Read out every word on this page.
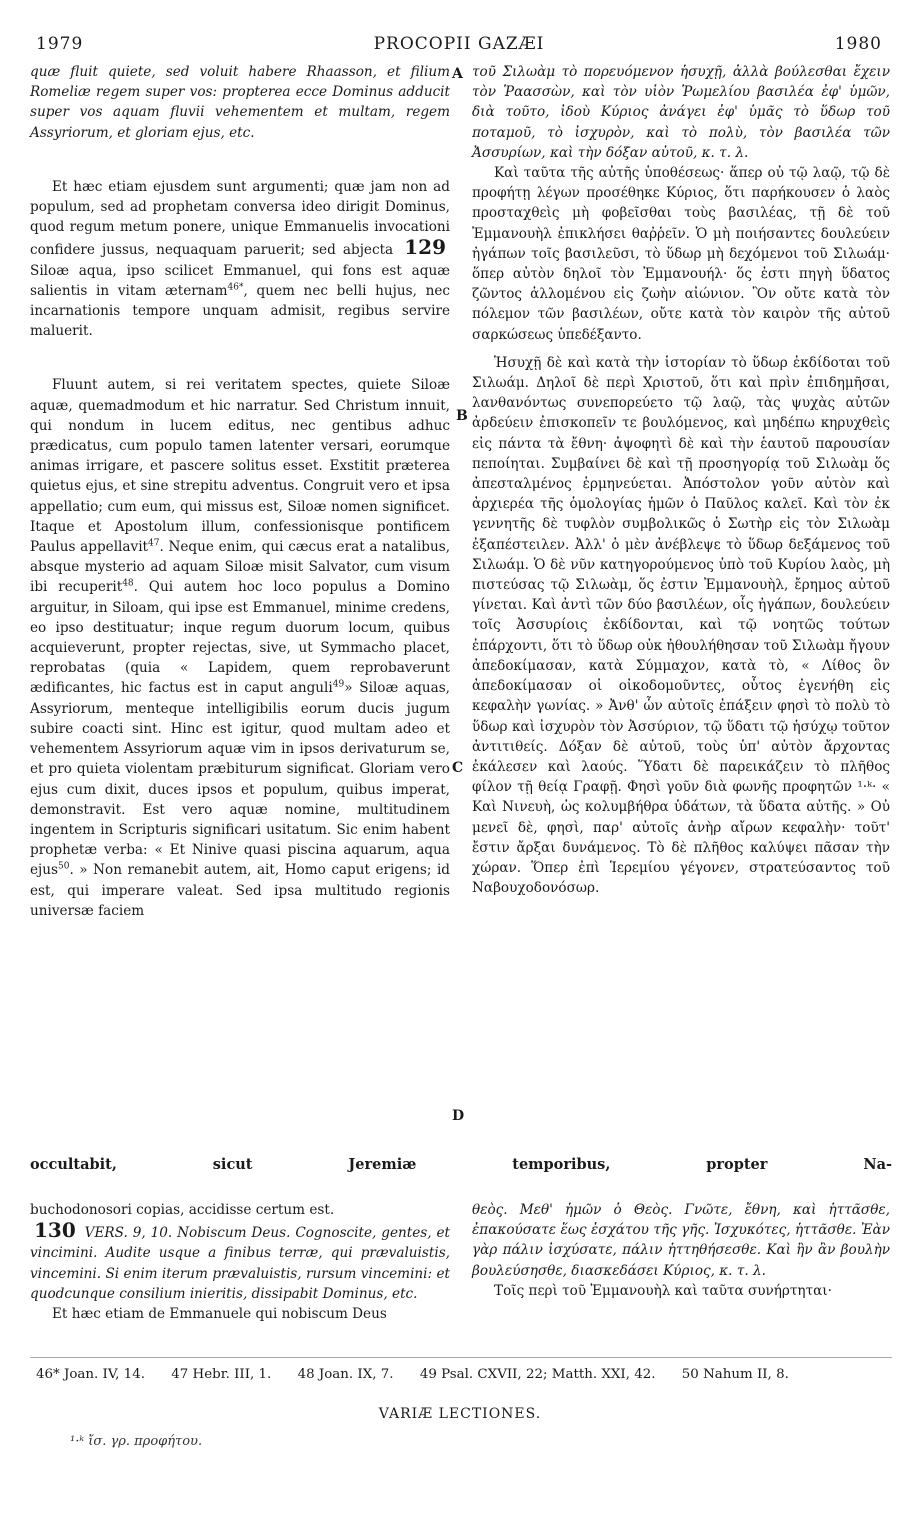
1979	PROCOPII GAZÆI	1980
A
B
C
D

quæ fluit quiete, sed voluit habere Rhaasson, et filium Romeliæ regem super vos: propterea ecce Dominus adducit super vos aquam fluvii vehementem et multam, regem Assyriorum, et gloriam ejus, etc.

Et hæc etiam ejusdem sunt argumenti; quæ jam non ad populum, sed ad prophetam conversa ideo dirigit Dominus, quod regum metum ponere, unique Emmanuelis invocationi confidere jussus, nequaquam paruerit; sed abjecta 129 Siloæ aqua, ipso scilicet Emmanuel, qui fons est aquæ salientis in vitam æternam$^{46*}$, quem nec belli hujus, nec incarnationis tempore unquam admisit, regibus servire maluerit.

Fluunt autem, si rei veritatem spectes, quiete Siloæ aquæ, quemadmodum et hic narratur. Sed Christum innuit, qui nondum in lucem editus, nec gentibus adhuc prædicatus, cum populo tamen latenter versari, eorumque animas irrigare, et pascere solitus esset. Exstitit præterea quietus ejus, et sine strepitu adventus. Congruit vero et ipsa appellatio; cum eum, qui missus est, Siloæ nomen significet. Itaque et Apostolum illum, confessionisque pontificem Paulus appellavit$^{47}$. Neque enim, qui cæcus erat a natalibus, absque mysterio ad aquam Siloæ misit Salvator, cum visum ibi recuperit$^{48}$. Qui autem hoc loco populus a Domino arguitur, in Siloam, qui ipse est Emmanuel, minime credens, eo ipso destituatur; inque regum duorum locum, quibus acquieverunt, propter rejectas, sive, ut Symmacho placet, reprobatas (quia « Lapidem, quem reprobaverunt ædificantes, hic factus est in caput anguli$^{49}$» Siloæ aquas, Assyriorum, menteque intelligibilis eorum ducis jugum subire coacti sint. Hinc est igitur, quod multam adeo et vehementem Assyriorum aquæ vim in ipsos derivaturum se, et pro quieta violentam præbiturum significat. Gloriam vero ejus cum dixit, duces ipsos et populum, quibus imperat, demonstravit. Est vero aquæ nomine, multitudinem ingentem in Scripturis significari usitatum. Sic enim habent prophetæ verba: « Et Ninive quasi piscina aquarum, aqua ejus$^{50}$. » Non remanebit autem, ait, Homo caput erigens; id est, qui imperare valeat. Sed ipsa multitudo regionis universæ faciem

τοῦ Σιλωὰμ τὸ πορευόμενον ἡσυχῇ, ἀλλὰ βούλεσθαι ἔχειν τὸν Ῥαασσὼν, καὶ τὸν υἱὸν Ῥωμελίου βασιλέα ἐφ' ὑμῶν, διὰ τοῦτο, ἰδοὺ Κύριος ἀνάγει ἐφ' ὑμᾶς τὸ ὕδωρ τοῦ ποταμοῦ, τὸ ἰσχυρὸν, καὶ τὸ πολὺ, τὸν βασιλέα τῶν Ἀσσυρίων, καὶ τὴν δόξαν αὐτοῦ, κ. τ. λ.

Καὶ ταῦτα τῆς αὐτῆς ὑποθέσεως· ἅπερ οὐ τῷ λαῷ, τῷ δὲ προφήτῃ λέγων προσέθηκε Κύριος, ὅτι παρήκουσεν ὁ λαὸς προσταχθεὶς μὴ φοβεῖσθαι τοὺς βασιλέας, τῇ δὲ τοῦ Ἐμμανουὴλ ἐπικλήσει θαῤῥεῖν. Ὁ μὴ ποιήσαντες δουλεύειν ἠγάπων τοῖς βασιλεῦσι, τὸ ὕδωρ μὴ δεχόμενοι τοῦ Σιλωάμ· ὅπερ αὐτὸν δηλοῖ τὸν Ἐμμανουήλ· ὅς ἐστι πηγὴ ὕδατος ζῶντος ἁλλομένου εἰς ζωὴν αἰώνιον. Ὃν οὔτε κατὰ τὸν πόλεμον τῶν βασιλέων, οὔτε κατὰ τὸν καιρὸν τῆς αὐτοῦ σαρκώσεως ὑπεδέξαντο.

Ἡσυχῇ δὲ καὶ κατὰ τὴν ἱστορίαν τὸ ὕδωρ ἐκδίδοται τοῦ Σιλωάμ. Δηλοῖ δὲ περὶ Χριστοῦ, ὅτι καὶ πρὶν ἐπιδημῆσαι, λανθανόντως συνεπορεύετο τῷ λαῷ, τὰς ψυχὰς αὐτῶν ἀρδεύειν ἐπισκοπεῖν τε βουλόμενος, καὶ μηδέπω κηρυχθεὶς εἰς πάντα τὰ ἔθνη· ἀψοφητὶ δὲ καὶ τὴν ἑαυτοῦ παρουσίαν πεποίηται. Συμβαίνει δὲ καὶ τῇ προσηγορίᾳ τοῦ Σιλωὰμ ὅς ἀπεσταλμένος ἑρμηνεύεται. Ἀπόστολον γοῦν αὐτὸν καὶ ἀρχιερέα τῆς ὁμολογίας ἡμῶν ὁ Παῦλος καλεῖ. Καὶ τὸν ἐκ γεννητῆς δὲ τυφλὸν συμβολικῶς ὁ Σωτὴρ εἰς τὸν Σιλωὰμ ἐξαπέστειλεν. Ἀλλ' ὁ μὲν ἀνέβλεψε τὸ ὕδωρ δεξάμενος τοῦ Σιλωάμ. Ὁ δὲ νῦν κατηγορούμενος ὑπὸ τοῦ Κυρίου λαὸς, μὴ πιστεύσας τῷ Σιλωὰμ, ὅς ἐστιν Ἐμμανουὴλ, ἔρημος αὐτοῦ γίνεται. Καὶ ἀντὶ τῶν δύο βασιλέων, οἷς ἠγάπων, δουλεύειν τοῖς Ἀσσυρίοις ἐκδίδονται, καὶ τῷ νοητῶς τούτων ἐπάρχοντι, ὅτι τὸ ὕδωρ οὐκ ἠθουλήθησαν τοῦ Σιλωὰμ ἤγουν ἀπεδοκίμασαν, κατὰ Σύμμαχον, κατὰ τὸ, « Λίθος ὃν ἀπεδοκίμασαν οἱ οἰκοδομοῦντες, οὗτος ἐγενήθη εἰς κεφαλὴν γωνίας. » Ἀνθ' ὧν αὐτοῖς ἐπάξειν φησὶ τὸ πολὺ τὸ ὕδωρ καὶ ἰσχυρὸν τὸν Ἀσσύριον, τῷ ὕδατι τῷ ἡσύχῳ τοῦτον ἀντιτιθείς. Δόξαν δὲ αὐτοῦ, τοὺς ὑπ' αὐτὸν ἄρχοντας ἐκάλεσεν καὶ λαούς. Ὕδατι δὲ παρεικάζειν τὸ πλῆθος φίλον τῇ θείᾳ Γραφῇ. Φησὶ γοῦν διὰ φωνῆς προφητῶν ¹·ᵏ· « Καὶ Νινευὴ, ὡς κολυμβήθρα ὑδάτων, τὰ ὕδατα αὐτῆς. » Οὐ μενεῖ δὲ, φησὶ, παρ' αὐτοῖς ἀνὴρ αἴρων κεφαλὴν· τοῦτ' ἔστιν ἄρξαι δυνάμενος. Τὸ δὲ πλῆθος καλύψει πᾶσαν τὴν χώραν. Ὅπερ ἐπὶ Ἱερεμίου γέγονεν, στρατεύσαντος τοῦ Ναβουχοδονόσωρ.

occultabit, sicut Jeremiæ temporibus, propter Na-

buchodonosori copias, accidisse certum est.

130 VERS. 9, 10. Nobiscum Deus. Cognoscite, gentes, et vincimini. Audite usque a finibus terræ, qui prævaluistis, vincemini. Si enim iterum prævaluistis, rursum vincemini: et quodcunque consilium inieritis, dissipabit Dominus, etc.

Et hæc etiam de Emmanuele qui nobiscum Deus

θεὸς. Μεθ' ἡμῶν ὁ Θεὸς. Γνῶτε, ἔθνη, καὶ ἡττᾶσθε, ἐπακούσατε ἕως ἐσχάτου τῆς γῆς. Ἰσχυκότες, ἡττᾶσθε. Ἐὰν γὰρ πάλιν ἰσχύσατε, πάλιν ἡττηθήσεσθε. Καὶ ἣν ἂν βουλὴν βουλεύσησθε, διασκεδάσει Κύριος, κ. τ. λ.

Τοῖς περὶ τοῦ Ἐμμανουὴλ καὶ ταῦτα συνήρτηται·

46* Joan. IV, 14. 47 Hebr. III, 1. 48 Joan. IX, 7. 49 Psal. CXVII, 22; Matth. XXI, 42. 50 Nahum II, 8.
VARIÆ LECTIONES.
¹·ᵏ ἴσ. γρ. προφήτου.
